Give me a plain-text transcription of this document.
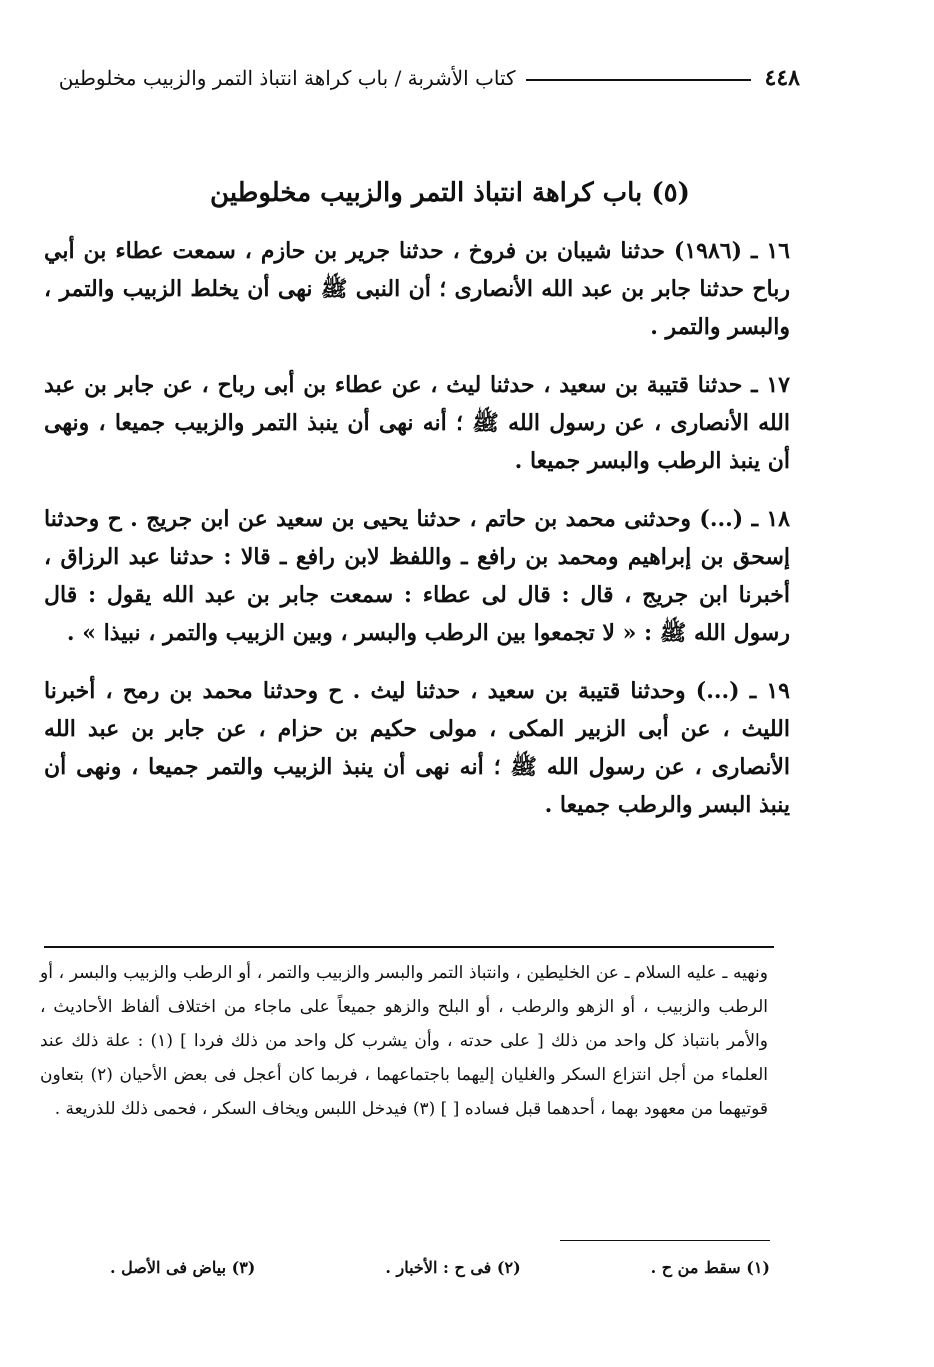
٤٤٨
كتاب الأشربة / باب كراهة انتباذ التمر والزبيب مخلوطين
(٥) باب كراهة انتباذ التمر والزبيب مخلوطين

١٦ ـ (١٩٨٦) حدثنا شيبان بن فروخ ، حدثنا جرير بن حازم ، سمعت عطاء بن أبي رباح حدثنا جابر بن عبد الله الأنصارى ؛ أن النبى ﷺ نهى أن يخلط الزبيب والتمر ، والبسر والتمر .

١٧ ـ حدثنا قتيبة بن سعيد ، حدثنا ليث ، عن عطاء بن أبى رباح ، عن جابر بن عبد الله الأنصارى ، عن رسول الله ﷺ ؛ أنه نهى أن ينبذ التمر والزبيب جميعا ، ونهى أن ينبذ الرطب والبسر جميعا .

١٨ ـ (...) وحدثنى محمد بن حاتم ، حدثنا يحيى بن سعيد عن ابن جريج . ح وحدثنا إسحق بن إبراهيم ومحمد بن رافع ـ واللفظ لابن رافع ـ قالا : حدثنا عبد الرزاق ، أخبرنا ابن جريج ، قال : قال لى عطاء : سمعت جابر بن عبد الله يقول : قال رسول الله ﷺ : « لا تجمعوا بين الرطب والبسر ، وبين الزبيب والتمر ، نبيذا » .

١٩ ـ (...) وحدثنا قتيبة بن سعيد ، حدثنا ليث . ح وحدثنا محمد بن رمح ، أخبرنا الليث ، عن أبى الزبير المكى ، مولى حكيم بن حزام ، عن جابر بن عبد الله الأنصارى ، عن رسول الله ﷺ ؛ أنه نهى أن ينبذ الزبيب والتمر جميعا ، ونهى أن ينبذ البسر والرطب جميعا .

ونهيه ـ عليه السلام ـ عن الخليطين ، وانتباذ التمر والبسر والزبيب والتمر ، أو الرطب والزبيب والبسر ، أو الرطب والزبيب ، أو الزهو والرطب ، أو البلح والزهو جميعاً على ماجاء من اختلاف ألفاظ الأحاديث ، والأمر بانتباذ كل واحد من ذلك [ على حدته ، وأن يشرب كل واحد من ذلك فردا ] (١) : علة ذلك عند العلماء من أجل انتزاع السكر والغليان إليهما باجتماعهما ، فربما كان أعجل فى بعض الأحيان (٢) بتعاون قوتيهما من معهود بهما ، أحدهما قبل فساده [ ] (٣) فيدخل اللبس ويخاف السكر ، فحمى ذلك للذريعة .
(١) سقط من ح .
(٢) فى ح : الأخبار .
(٣) بياض فى الأصل .
